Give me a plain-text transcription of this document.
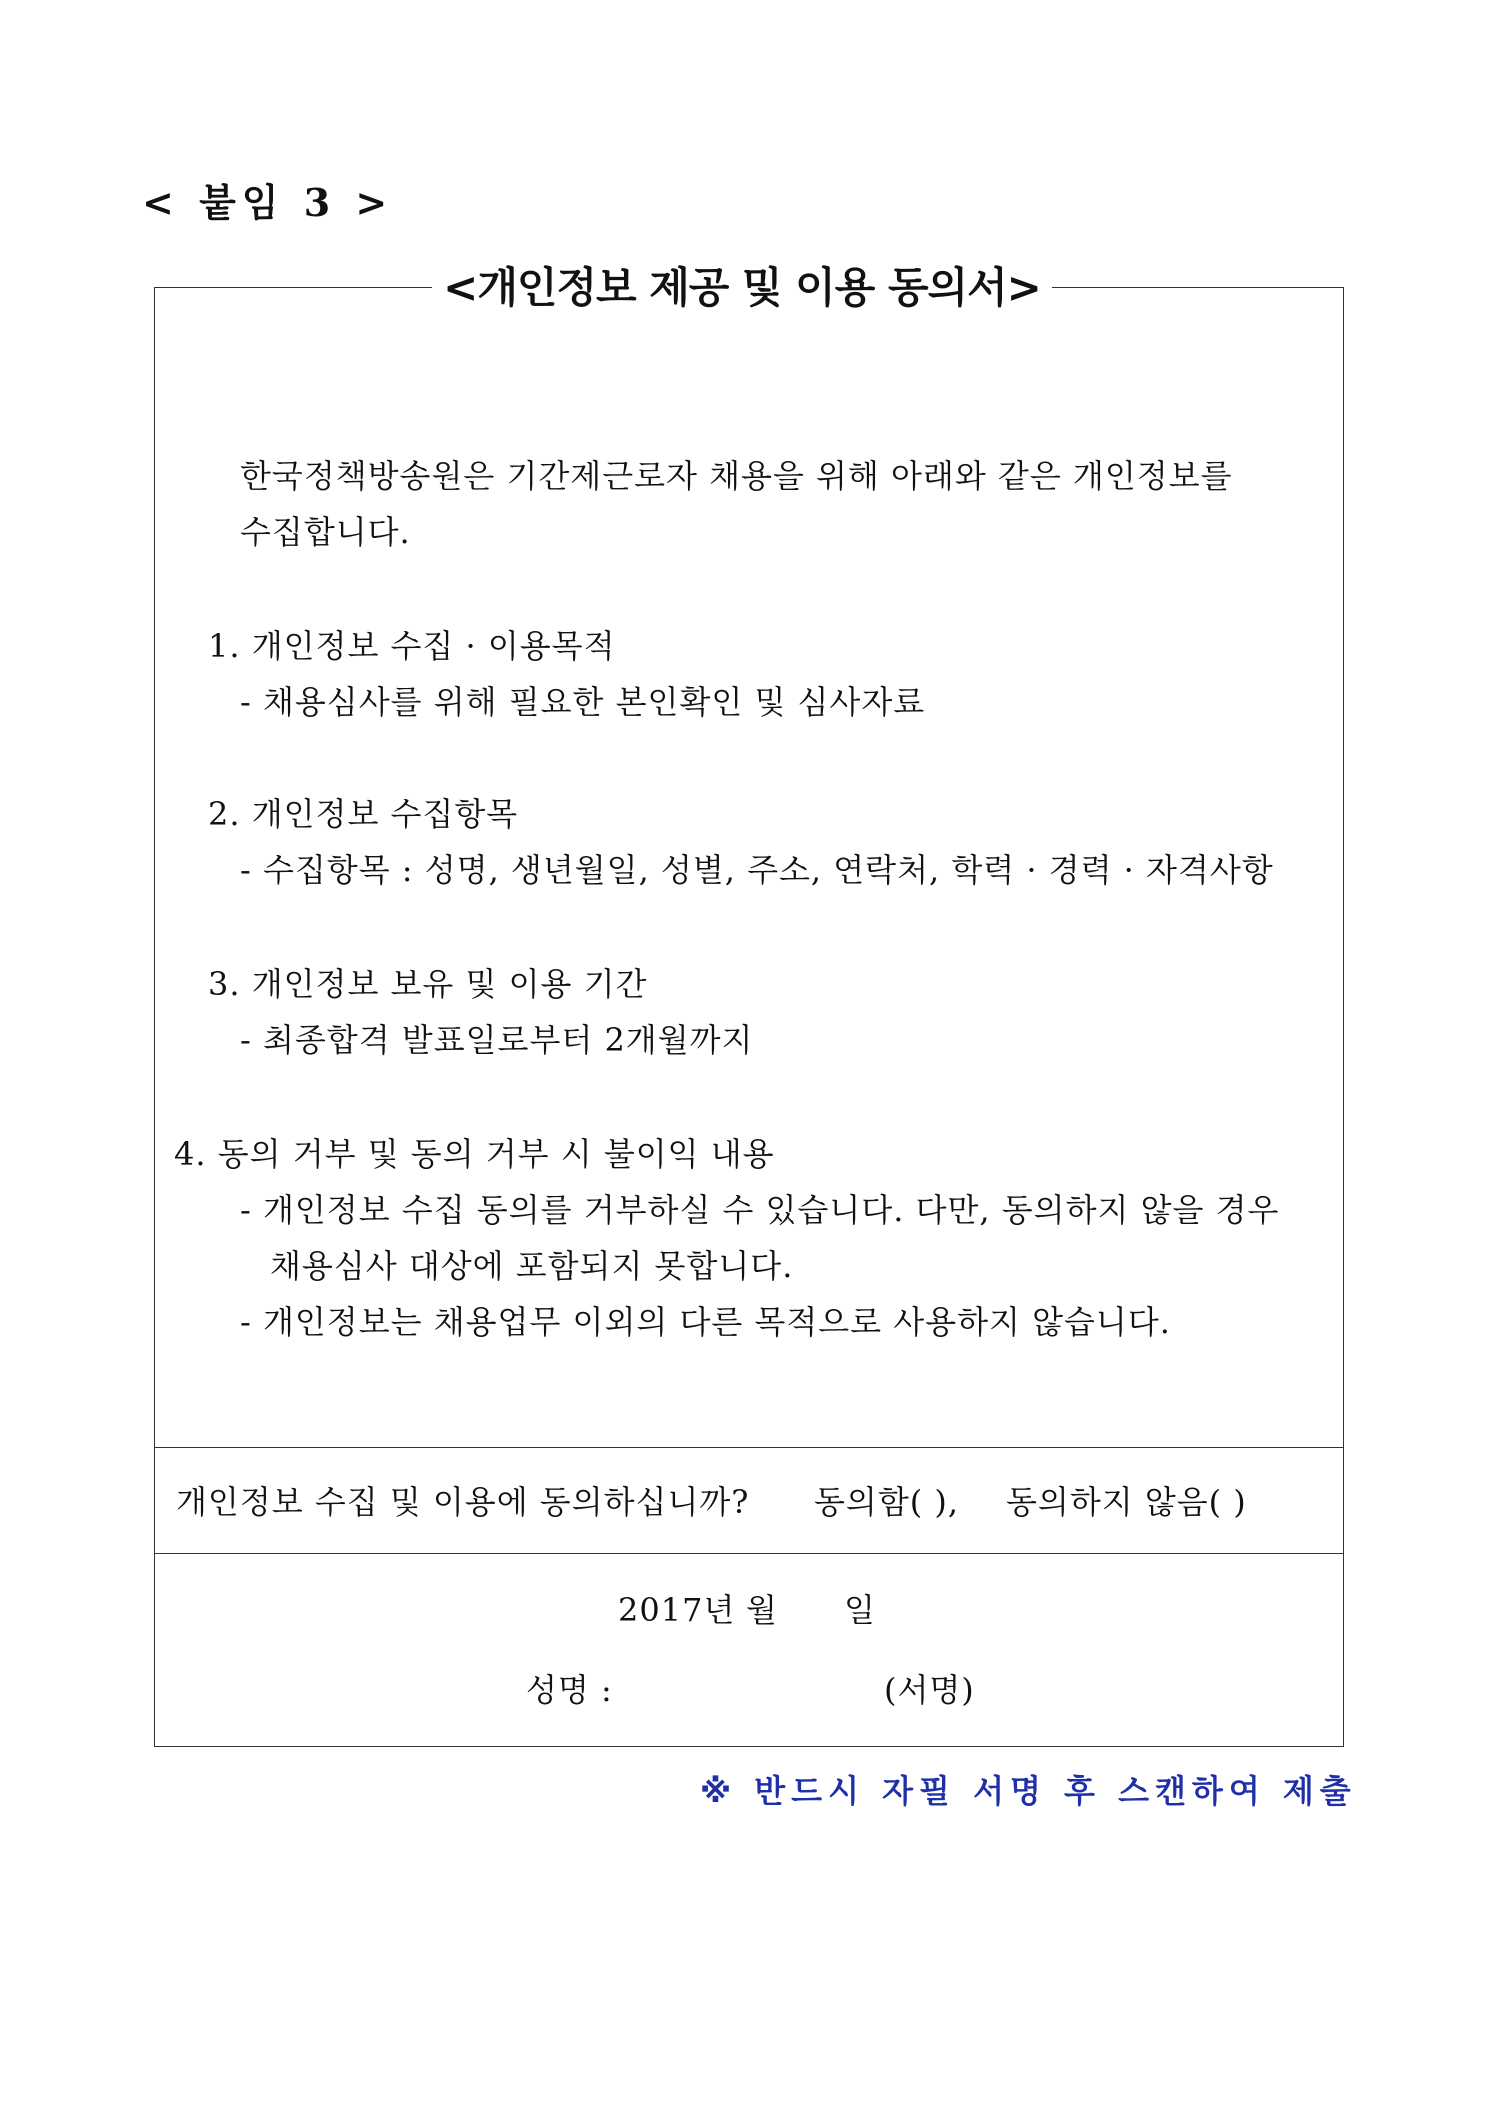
< 붙임 3 >
<개인정보 제공 및 이용 동의서>
한국정책방송원은 기간제근로자 채용을 위해 아래와 같은 개인정보를
수집합니다.
1. 개인정보 수집 · 이용목적
- 채용심사를 위해 필요한 본인확인 및 심사자료
2. 개인정보 수집항목
- 수집항목 : 성명, 생년월일, 성별, 주소, 연락처, 학력 · 경력 · 자격사항
3. 개인정보 보유 및 이용 기간
- 최종합격 발표일로부터 2개월까지
4. 동의 거부 및 동의 거부 시 불이익 내용
- 개인정보 수집 동의를 거부하실 수 있습니다. 다만, 동의하지 않을 경우
채용심사 대상에 포함되지 못합니다.
- 개인정보는 채용업무 이외의 다른 목적으로 사용하지 않습니다.
개인정보 수집 및 이용에 동의하십니까? 동의함( ), 동의하지 않음( )
2017년 월 일
성명 :	(서명)
※ 반드시 자필 서명 후 스캔하여 제출
